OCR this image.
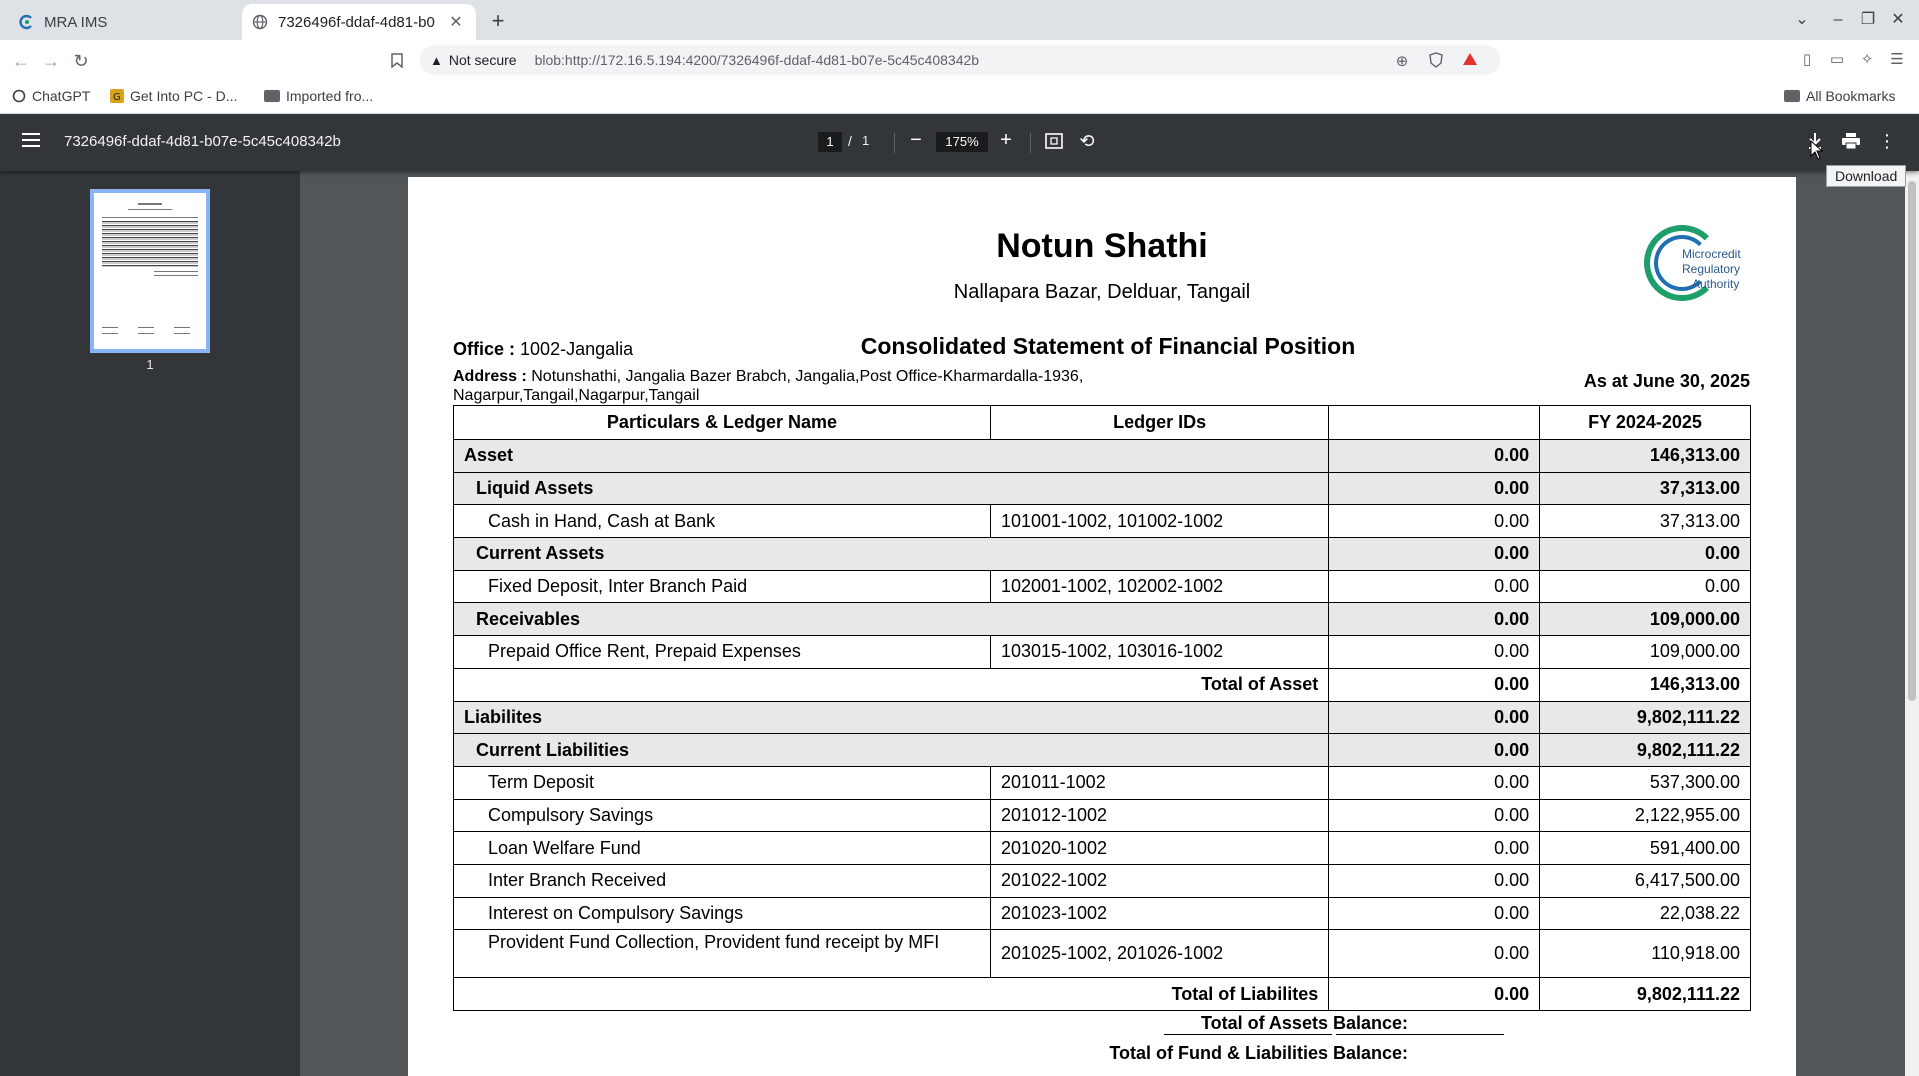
MRA IMS	7326496f-ddaf-4d81-b0 ✕	+	⌄	–	❐	✕
← → ↻	▲ Not secure blob:http://172.16.5.194:4200/7326496f-ddaf-4d81-b07e-5c45c408342b	⊕	▯	▭	✧	☰
ChatGPT G Get Into PC - D...	Imported fro...	All Bookmarks
7326496f-ddaf-4d81-b07e-5c45c408342b	1	/ 1 −	175%	+	⟲	⋮
Download
1
Notun Shathi
Nallapara Bazar, Delduar, Tangail
Microcredit
Regulatory
Authority
Office : 1002-Jangalia	Consolidated Statement of Financial Position
Address : Notunshathi, Jangalia Bazer Brabch, Jangalia,Post Office-Kharmardalla-1936,
Nagarpur,Tangail,Nagarpur,Tangail
As at June 30, 2025
Particulars & Ledger Name	Ledger IDs		FY 2024-2025
Asset		0.00	146,313.00
Liquid Assets		0.00	37,313.00
Cash in Hand, Cash at Bank	101001-1002, 101002-1002	0.00	37,313.00
Current Assets		0.00	0.00
Fixed Deposit, Inter Branch Paid	102001-1002, 102002-1002	0.00	0.00
Receivables		0.00	109,000.00
Prepaid Office Rent, Prepaid Expenses	103015-1002, 103016-1002	0.00	109,000.00
Total of Asset		0.00	146,313.00
Liabilites		0.00	9,802,111.22
Current Liabilities		0.00	9,802,111.22
Term Deposit	201011-1002	0.00	537,300.00
Compulsory Savings	201012-1002	0.00	2,122,955.00
Loan Welfare Fund	201020-1002	0.00	591,400.00
Inter Branch Received	201022-1002	0.00	6,417,500.00
Interest on Compulsory Savings	201023-1002	0.00	22,038.22
Provident Fund Collection, Provident fund receipt by MFI	201025-1002, 201026-1002	0.00	110,918.00
Total of Liabilites		0.00	9,802,111.22
Total of Assets Balance:
Total of Fund & Liabilities Balance:
